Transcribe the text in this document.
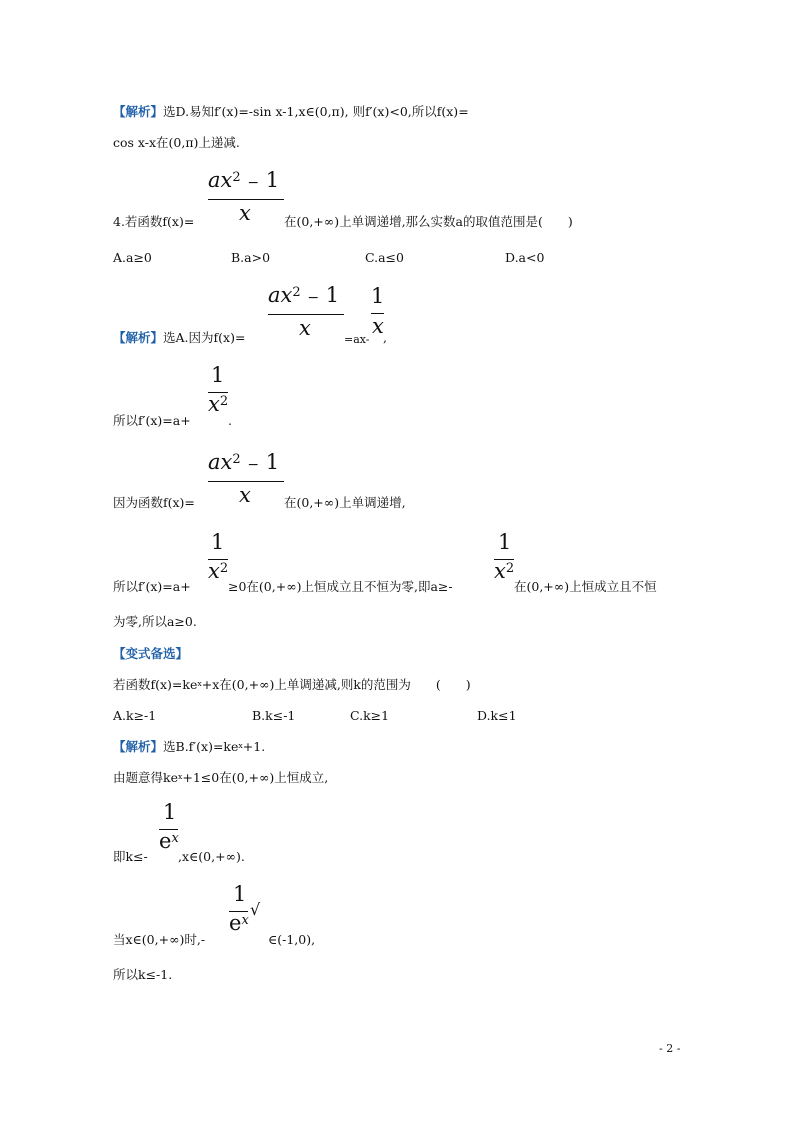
【解析】选D.易知f′(x)=-sin x-1,x∈(0,π), 则f′(x)<0,所以f(x)=
cos x-x在(0,π)上递减.
$ax^2 - 1$
x
4.若函数f(x)=	在(0,+∞)上单调递增,那么实数a的取值范围是(　　)
A.a≥0	B.a>0	C.a≤0	D.a<0
$ax^2 - 1$
x
1
x
【解析】选A.因为f(x)=	=ax- ,
1
$x^2$
所以f′(x)=a+	.
$ax^2 - 1$
x
因为函数f(x)=	在(0,+∞)上单调递增,
1
$x^2$
1
$x^2$
所以f′(x)=a+	≥0在(0,+∞)上恒成立且不恒为零,即a≥-	在(0,+∞)上恒成立且不恒
为零,所以a≥0.
【变式备选】
若函数$f(x)=ke^x+x$在(0,+∞)上单调递减,则k的范围为　　(　　)
A.k≥-1	B.k≤-1	C.k≥1	D.k≤1
【解析】选$B.f'(x)=ke^x+1$.
由题意得$ke^x+1\le 0$在(0,+∞)上恒成立,
1
$e^x$
即k≤- ,x∈(0,+∞).
1
$e^x$
√
当x∈(0,+∞)时,-	∈(-1,0),
所以k≤-1.
- 2 -
